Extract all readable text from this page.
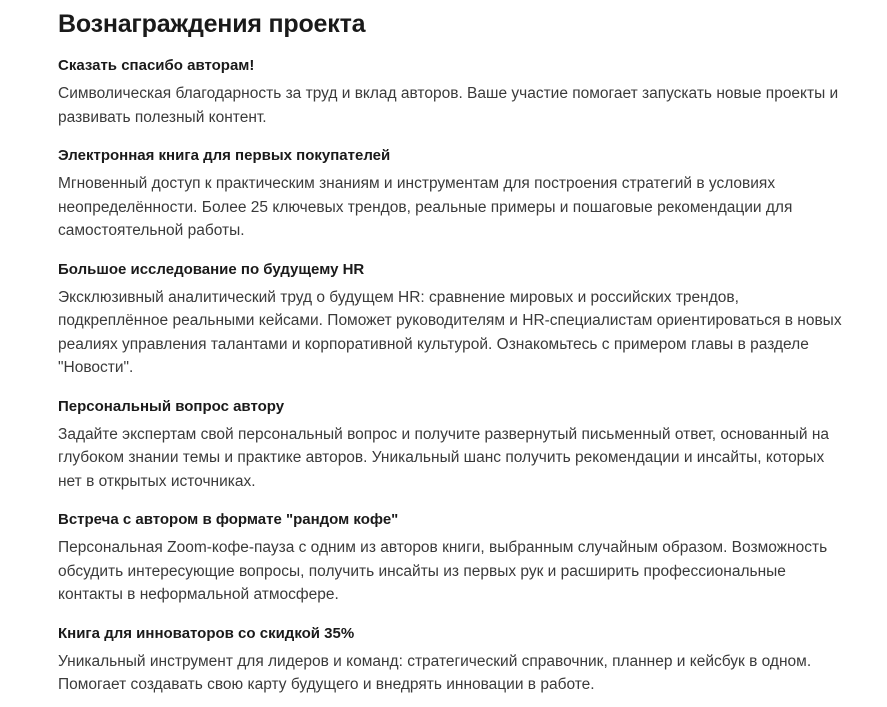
Вознаграждения проекта
Сказать спасибо авторам!

Символическая благодарность за труд и вклад авторов. Ваше участие помогает запускать новые проекты и развивать полезный контент.

Электронная книга для первых покупателей

Мгновенный доступ к практическим знаниям и инструментам для построения стратегий в условиях неопределённости. Более 25 ключевых трендов, реальные примеры и пошаговые рекомендации для самостоятельной работы.

Большое исследование по будущему HR

Эксклюзивный аналитический труд о будущем HR: сравнение мировых и российских трендов, подкреплённое реальными кейсами. Поможет руководителям и HR-специалистам ориентироваться в новых реалиях управления талантами и корпоративной культурой. Ознакомьтесь с примером главы в разделе "Новости".

Персональный вопрос автору

Задайте экспертам свой персональный вопрос и получите развернутый письменный ответ, основанный на глубоком знании темы и практике авторов. Уникальный шанс получить рекомендации и инсайты, которых нет в открытых источниках.

Встреча с автором в формате "рандом кофе"

Персональная Zoom-кофе-пауза с одним из авторов книги, выбранным случайным образом. Возможность обсудить интересующие вопросы, получить инсайты из первых рук и расширить профессиональные контакты в неформальной атмосфере.

Книга для инноваторов со скидкой 35%

Уникальный инструмент для лидеров и команд: стратегический справочник, планнер и кейсбук в одном. Помогает создавать свою карту будущего и внедрять инновации в работе.
